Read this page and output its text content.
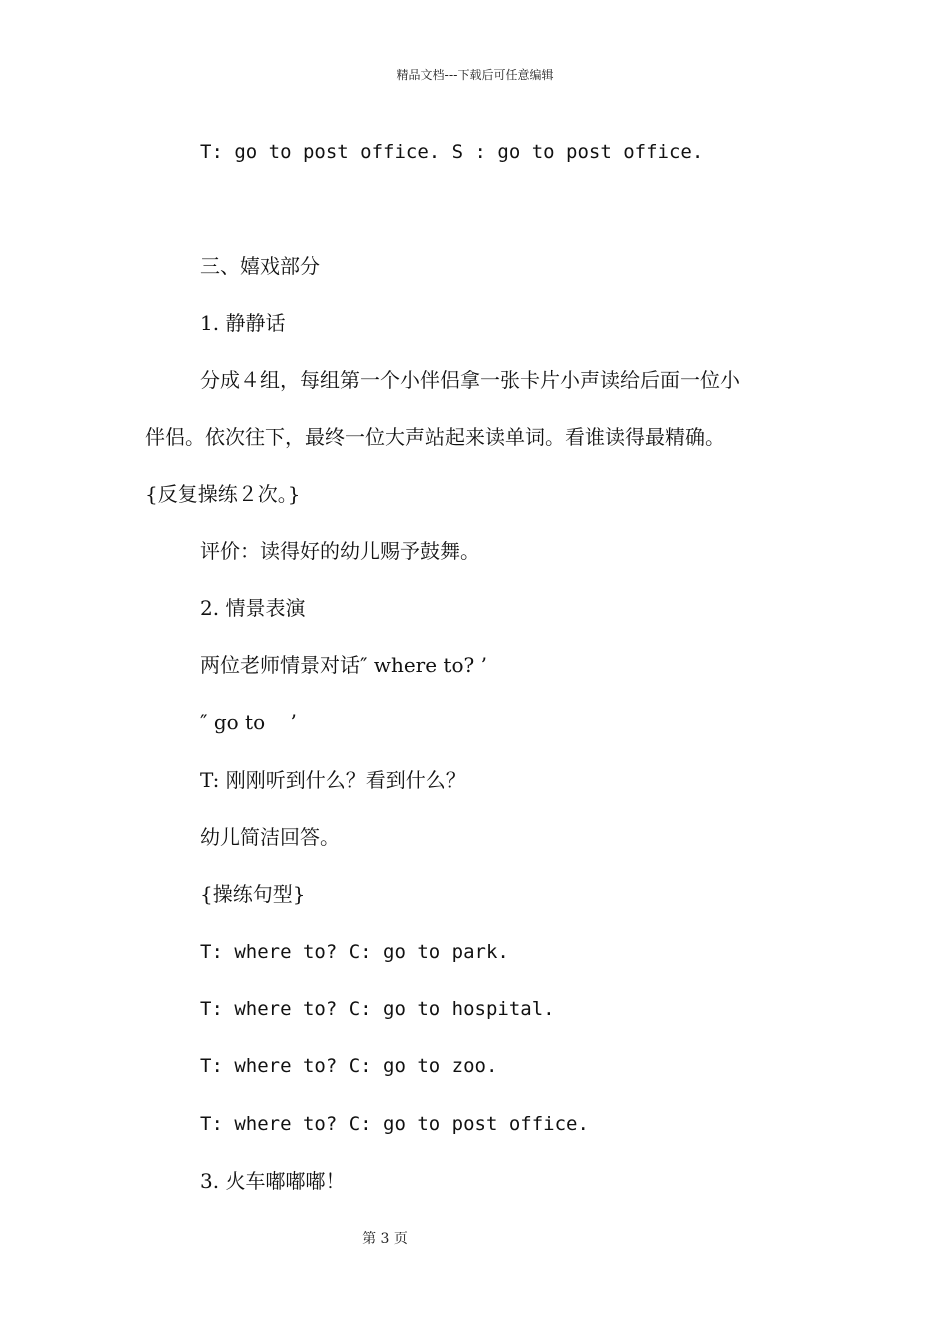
精品文档---下载后可任意编辑
T: go to post office. S : go to post office.
三、嬉戏部分
1. 静静话
分成４组，每组第一个小伴侣拿一张卡片小声读给后面一位小
伴侣。依次往下，最终一位大声站起来读单词。看谁读得最精确。
{反复操练２次。}
评价：读得好的幼儿赐予鼓舞。
2. 情景表演
两位老师情景对话″ where to? ’
″ go to    ’
T: 刚刚听到什么？看到什么？
幼儿简洁回答。
{操练句型}
T: where to? C: go to park.
T: where to? C: go to hospital.
T: where to? C: go to zoo.
T: where to? C: go to post office.
3. 火车嘟嘟嘟！
第 3 页
